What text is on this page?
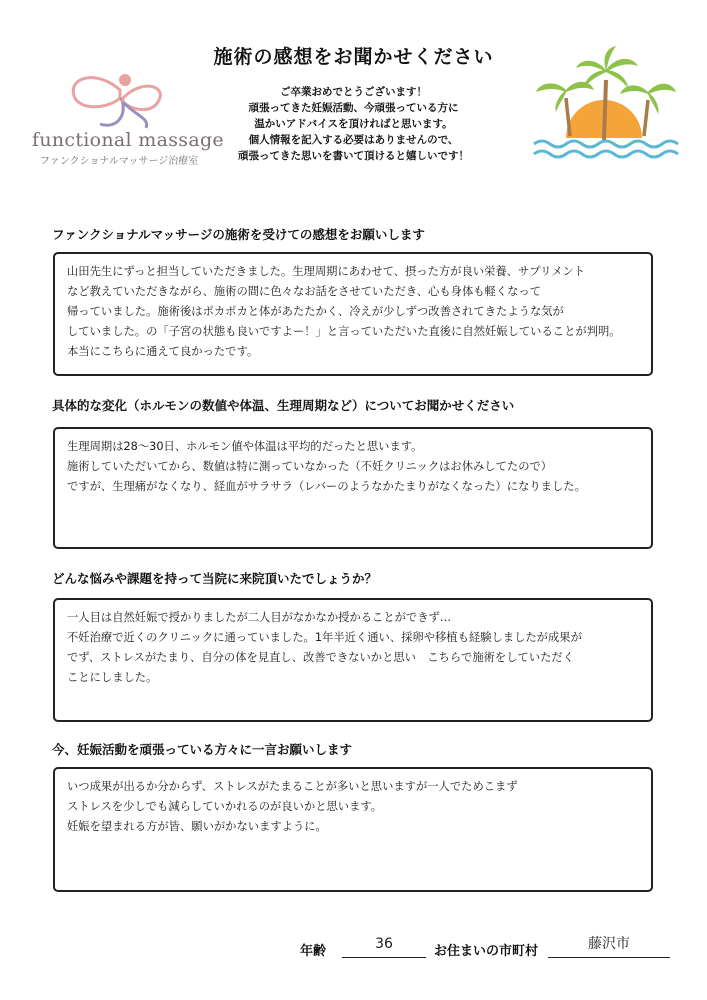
施術の感想をお聞かせください
ご卒業おめでとうございます！
頑張ってきた妊娠活動、今頑張っている方に
温かいアドバイスを頂ければと思います。
個人情報を記入する必要はありませんので、
頑張ってきた思いを書いて頂けると嬉しいです！
functional massage
ファンクショナルマッサージ治療室
ファンクショナルマッサージの施術を受けての感想をお願いします
山田先生にずっと担当していただきました。生理周期にあわせて、摂った方が良い栄養、サプリメント
など教えていただきながら、施術の間に色々なお話をさせていただき、心も身体も軽くなって
帰っていました。施術後はポカポカと体があたたかく、冷えが少しずつ改善されてきたような気が
していました。の「子宮の状態も良いですよー！」と言っていただいた直後に自然妊娠していることが判明。
本当にこちらに通えて良かったです。
具体的な変化（ホルモンの数値や体温、生理周期など）についてお聞かせください
生理周期は28〜30日、ホルモン値や体温は平均的だったと思います。
施術していただいてから、数値は特に測っていなかった（不妊クリニックはお休みしてたので）
ですが、生理痛がなくなり、経血がサラサラ（レバーのようなかたまりがなくなった）になりました。
どんな悩みや課題を持って当院に来院頂いたでしょうか？
一人目は自然妊娠で授かりましたが二人目がなかなか授かることができず…
不妊治療で近くのクリニックに通っていました。1年半近く通い、採卵や移植も経験しましたが成果が
でず、ストレスがたまり、自分の体を見直し、改善できないかと思い　こちらで施術をしていただく
ことにしました。
今、妊娠活動を頑張っている方々に一言お願いします
いつ成果が出るか分からず、ストレスがたまることが多いと思いますが一人でためこまず
ストレスを少しでも減らしていかれるのが良いかと思います。
妊娠を望まれる方が皆、願いがかないますように。
年齢	36	お住まいの市町村	藤沢市
